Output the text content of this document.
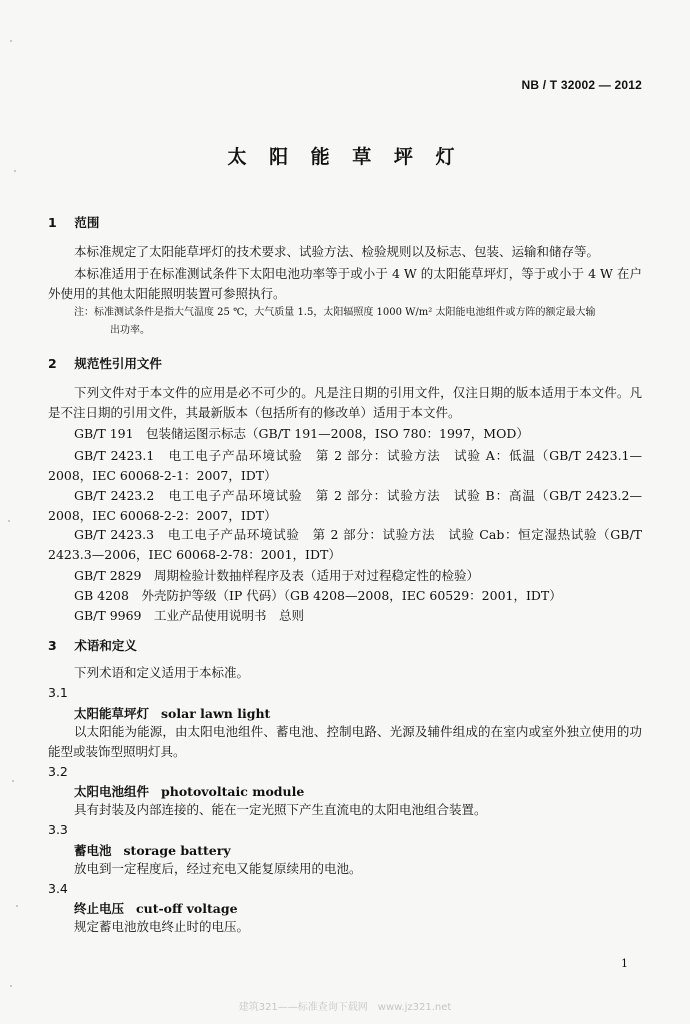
NB / T 32002 — 2012
太 阳 能 草 坪 灯
1 范围
本标准规定了太阳能草坪灯的技术要求、试验方法、检验规则以及标志、包装、运输和储存等。
本标准适用于在标准测试条件下太阳电池功率等于或小于 4 W 的太阳能草坪灯，等于或小于 4 W 在户外使用的其他太阳能照明装置可参照执行。
注：标准测试条件是指大气温度 25 ℃，大气质量 1.5，太阳辐照度 1000 W/m² 太阳能电池组件或方阵的额定最大输
出功率。
2 规范性引用文件
下列文件对于本文件的应用是必不可少的。凡是注日期的引用文件，仅注日期的版本适用于本文件。凡是不注日期的引用文件，其最新版本（包括所有的修改单）适用于本文件。
GB/T 191　包装储运图示标志（GB/T 191—2008，ISO 780：1997，MOD）
GB/T 2423.1　电工电子产品环境试验　第 2 部分：试验方法　试验 A：低温（GB/T 2423.1—2008，IEC 60068-2-1：2007，IDT）
GB/T 2423.2　电工电子产品环境试验　第 2 部分：试验方法　试验 B：高温（GB/T 2423.2—2008，IEC 60068-2-2：2007，IDT）
GB/T 2423.3　电工电子产品环境试验　第 2 部分：试验方法　试验 Cab：恒定湿热试验（GB/T 2423.3—2006，IEC 60068-2-78：2001，IDT）
GB/T 2829　周期检验计数抽样程序及表（适用于对过程稳定性的检验）
GB 4208　外壳防护等级（IP 代码）（GB 4208—2008，IEC 60529：2001，IDT）
GB/T 9969　工业产品使用说明书　总则
3 术语和定义
下列术语和定义适用于本标准。
3.1
太阳能草坪灯 solar lawn light
以太阳能为能源，由太阳电池组件、蓄电池、控制电路、光源及辅件组成的在室内或室外独立使用的功能型或装饰型照明灯具。
3.2
太阳电池组件 photovoltaic module
具有封装及内部连接的、能在一定光照下产生直流电的太阳电池组合装置。
3.3
蓄电池 storage battery
放电到一定程度后，经过充电又能复原续用的电池。
3.4
终止电压 cut-off voltage
规定蓄电池放电终止时的电压。
1
建筑321——标准查询下载网　www.jz321.net
